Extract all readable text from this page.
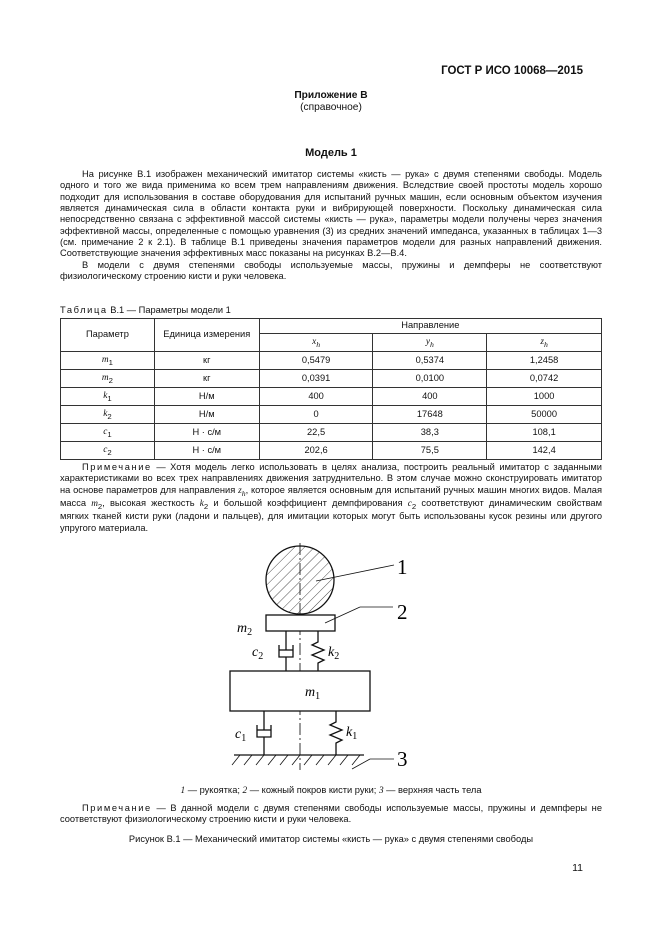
ГОСТ Р ИСО 10068—2015
Приложение В
(справочное)
Модель 1

На рисунке В.1 изображен механический имитатор системы «кисть — рука» с двумя степенями свободы. Модель одного и того же вида применима ко всем трем направлениям движения. Вследствие своей простоты модель хорошо подходит для использования в составе оборудования для испытаний ручных машин, если основным объектом изучения является динамическая сила в области контакта руки и вибрирующей поверхности. Поскольку динамическая сила непосредственно связана с эффективной массой системы «кисть — рука», параметры модели получены через значения эффективной массы, определенные с помощью уравнения (3) из средних значений импеданса, указанных в таблицах 1—3 (см. примечание 2 к 2.1). В таблице В.1 приведены значения параметров модели для разных направлений движения. Соответствующие значения эффективных масс показаны на рисунках В.2—В.4.

В модели с двумя степенями свободы используемые массы, пружины и демпферы не соответствуют физиологическому строению кисти и руки человека.

Таблица В.1 — Параметры модели 1
Параметр	Единица измерения	Направление		
		$x_h$	$y_h$	$z_h$
$m_1$	кг	0,5479	0,5374	1,2458
$m_2$	кг	0,0391	0,0100	0,0742
$k_1$	Н/м	400	400	1000
$k_2$	Н/м	0	17648	50000
$c_1$	Н · с/м	22,5	38,3	108,1
$c_2$	Н · с/м	202,6	75,5	142,4

Примечание — Хотя модель легко использовать в целях анализа, построить реальный имитатор с заданными характеристиками во всех трех направлениях движения затруднительно. В этом случае можно сконструировать имитатор на основе параметров для направления $z_h$, которое является основным для испытаний ручных машин многих видов. Малая масса $m_2$, высокая жесткость $k_2$ и большой коэффициент демпфирования $c_2$ соответствуют динамическим свойствам мягких тканей кисти руки (ладони и пальцев), для имитации которых могут быть использованы кусок резины или другого упругого материала.

1
2
3
$m_2$
$c_2$	$k_2$
$m_1$
$c_1$	$k_1$
1 — рукоятка; 2 — кожный покров кисти руки; 3 — верхняя часть тела

Примечание — В данной модели с двумя степенями свободы используемые массы, пружины и демпферы не соответствуют физиологическому строению кисти и руки человека.

Рисунок В.1 — Механический имитатор системы «кисть — рука» с двумя степенями свободы
11
